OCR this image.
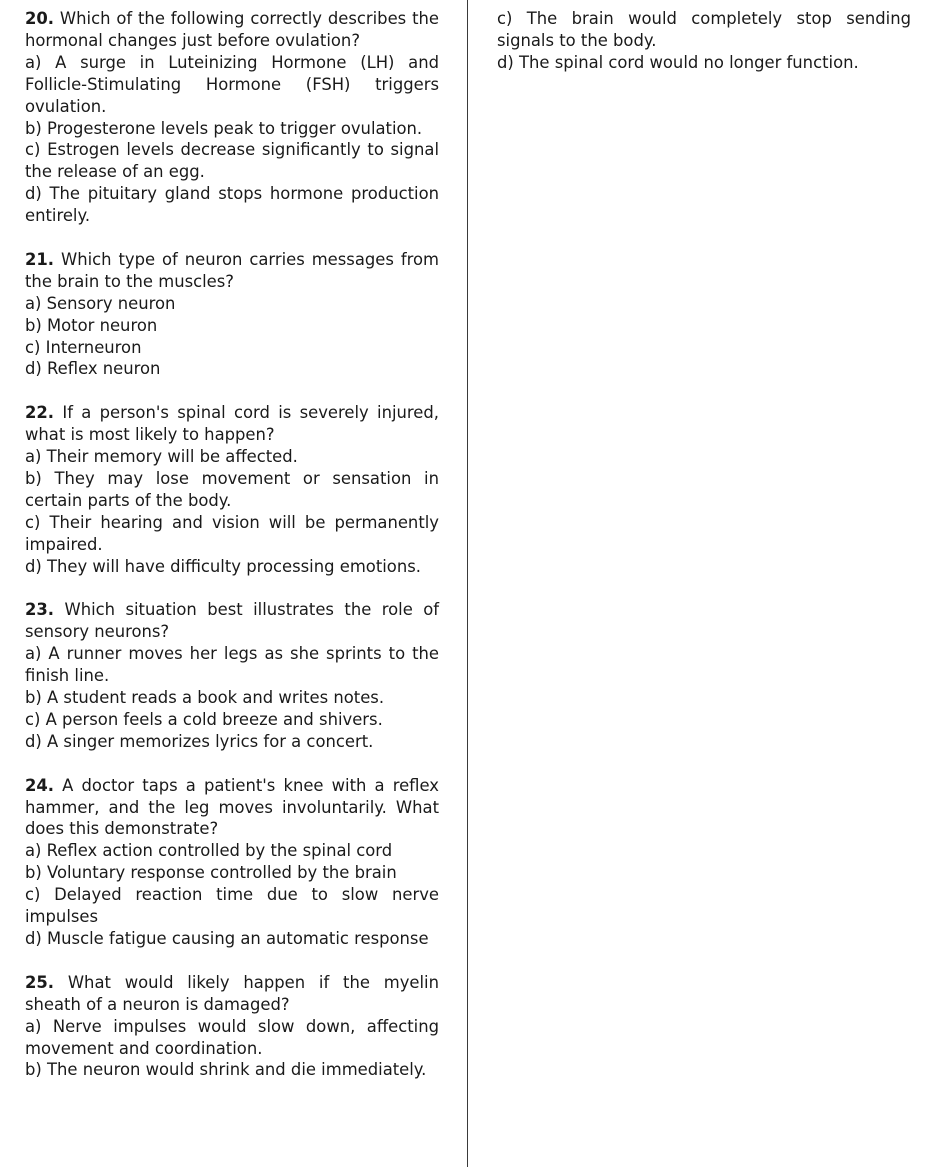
20. Which of the following correctly describes the hormonal changes just before ovulation?

a) A surge in Luteinizing Hormone (LH) and Follicle-Stimulating Hormone (FSH) triggers ovulation.

b) Progesterone levels peak to trigger ovulation.

c) Estrogen levels decrease significantly to signal the release of an egg.

d) The pituitary gland stops hormone production entirely.

21. Which type of neuron carries messages from the brain to the muscles?

a) Sensory neuron

b) Motor neuron

c) Interneuron

d) Reflex neuron

22. If a person's spinal cord is severely injured, what is most likely to happen?

a) Their memory will be affected.

b) They may lose movement or sensation in certain parts of the body.

c) Their hearing and vision will be permanently impaired.

d) They will have difficulty processing emotions.

23. Which situation best illustrates the role of sensory neurons?

a) A runner moves her legs as she sprints to the finish line.

b) A student reads a book and writes notes.

c) A person feels a cold breeze and shivers.

d) A singer memorizes lyrics for a concert.

24. A doctor taps a patient's knee with a reflex hammer, and the leg moves involuntarily. What does this demonstrate?

a) Reflex action controlled by the spinal cord

b) Voluntary response controlled by the brain

c) Delayed reaction time due to slow nerve impulses

d) Muscle fatigue causing an automatic response

25. What would likely happen if the myelin sheath of a neuron is damaged?

a) Nerve impulses would slow down, affecting movement and coordination.

b) The neuron would shrink and die immediately.

c) The brain would completely stop sending signals to the body.

d) The spinal cord would no longer function.
